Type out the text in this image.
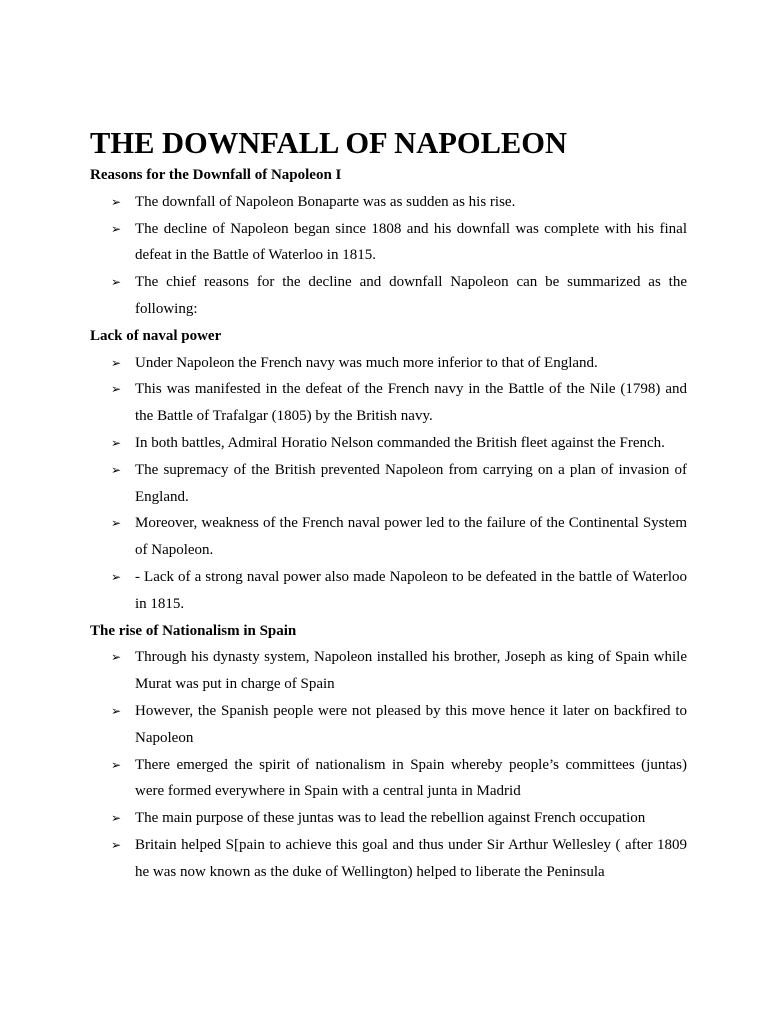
THE DOWNFALL OF NAPOLEON

Reasons for the Downfall of Napoleon I

➢ The downfall of Napoleon Bonaparte was as sudden as his rise.
➢ The decline of Napoleon began since 1808 and his downfall was complete with his final defeat in the Battle of Waterloo in 1815.
➢ The chief reasons for the decline and downfall Napoleon can be summarized as the following:

Lack of naval power

➢ Under Napoleon the French navy was much more inferior to that of England.
➢ This was manifested in the defeat of the French navy in the Battle of the Nile (1798) and the Battle of Trafalgar (1805) by the British navy.
➢ In both battles, Admiral Horatio Nelson commanded the British fleet against the French.
➢ The supremacy of the British prevented Napoleon from carrying on a plan of invasion of England.
➢ Moreover, weakness of the French naval power led to the failure of the Continental System of Napoleon.
➢ - Lack of a strong naval power also made Napoleon to be defeated in the battle of Waterloo in 1815.

The rise of Nationalism in Spain

➢ Through his dynasty system, Napoleon installed his brother, Joseph as king of Spain while Murat was put in charge of Spain
➢ However, the Spanish people were not pleased by this move hence it later on backfired to Napoleon
➢ There emerged the spirit of nationalism in Spain whereby people’s committees (juntas) were formed everywhere in Spain with a central junta in Madrid
➢ The main purpose of these juntas was to lead the rebellion against French occupation
➢ Britain helped S[pain to achieve this goal and thus under Sir Arthur Wellesley ( after 1809 he was now known as the duke of Wellington) helped to liberate the Peninsula
